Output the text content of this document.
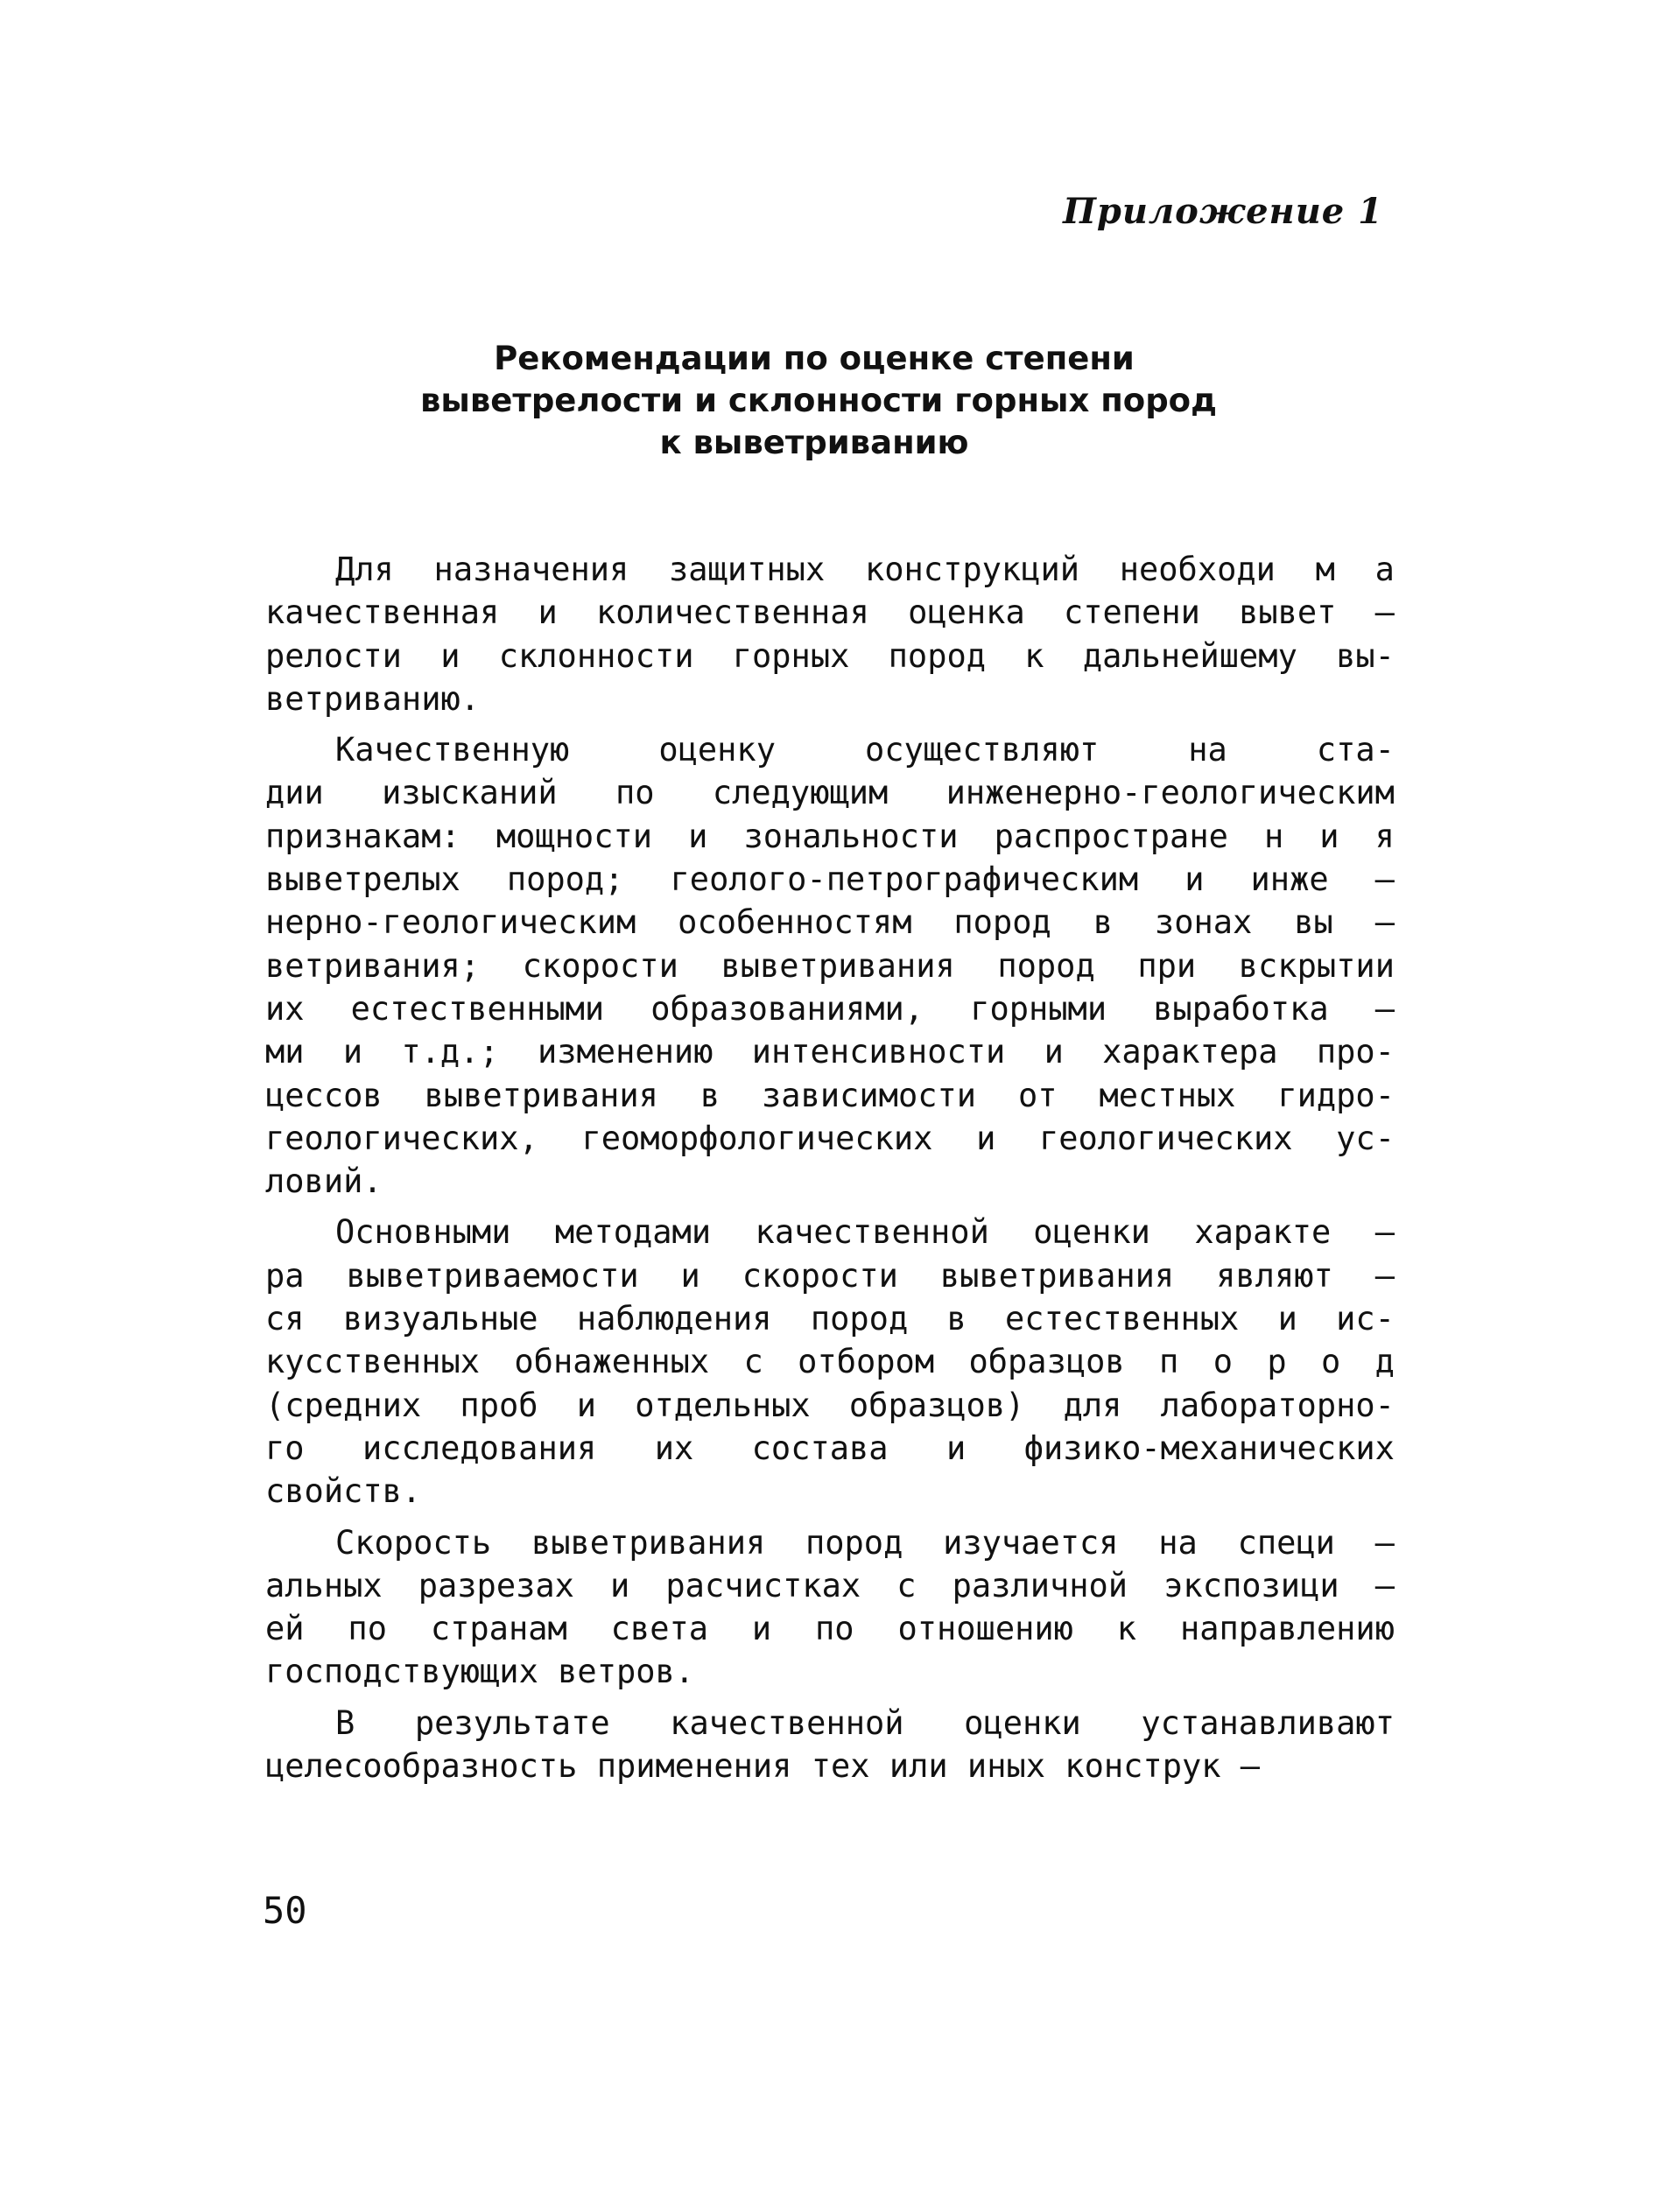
Приложение 1
Рекомендации по оценке степени
выветрелости и склонности горных пород
к выветриванию
Для назначения защитных конструкций необходи м а
качественная и количественная оценка степени вывет –
релости и склонности горных пород к дальнейшему вы-
ветриванию.
Качественную	оценку	осуществляют	на	ста-
дии изысканий по следующим инженерно-геологическим
признакам: мощности и зональности распростране н и я
выветрелых пород; геолого-петрографическим и инже –
нерно-геологическим особенностям пород в зонах вы –
ветривания; скорости выветривания пород при вскрытии
их естественными образованиями, горными выработка –
ми и т.д.; изменению интенсивности и характера про-
цессов выветривания в зависимости от местных гидро-
геологических, геоморфологических и геологических ус-
ловий.
Основными методами качественной оценки характе –
ра выветриваемости и скорости выветривания являют –
ся визуальные наблюдения пород в естественных и ис-
кусственных обнаженных с отбором образцов п о р о д
(средних проб и отдельных образцов) для лабораторно-
го исследования их состава и физико-механических
свойств.
Скорость выветривания пород изучается на специ –
альных разрезах и расчистках с различной экспозици –
ей по странам света и по отношению к направлению
господствующих ветров.
В результате качественной оценки устанавливают
целесообразность применения тех или иных конструк –
50
